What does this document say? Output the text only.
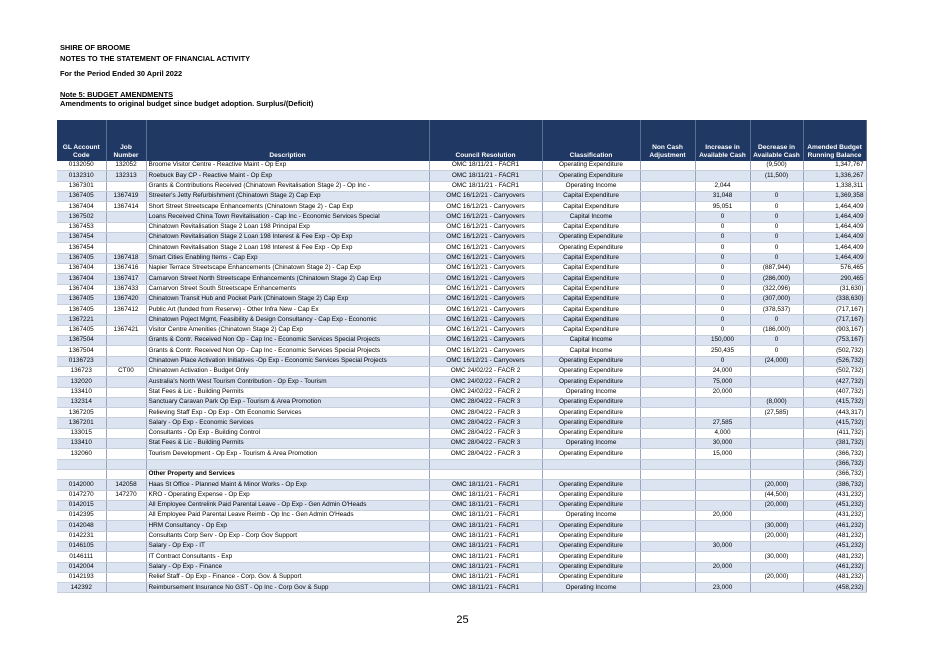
SHIRE OF BROOME
NOTES TO THE STATEMENT OF FINANCIAL ACTIVITY
For the Period Ended 30 April 2022
Note 5: BUDGET AMENDMENTS
Amendments to original budget since budget adoption. Surplus/(Deficit)
GL Account Code	Job Number	Description	Council Resolution	Classification	Non Cash Adjustment	Increase in Available Cash	Decrease in Available Cash	Amended Budget Running Balance
0132050	132052	Broome Visitor Centre - Reactive Maint - Op Exp	OMC 18/11/21 - FACR1	Operating Expenditure			(9,500)	1,347,767
0132310	132313	Roebuck Bay CP - Reactive Maint - Op Exp	OMC 18/11/21 - FACR1	Operating Expenditure			(11,500)	1,336,267
1367301		Grants & Contributions Received (Chinatown Revitalisation Stage 2) - Op Inc -	OMC 18/11/21 - FACR1	Operating Income		2,044		1,338,311
1367405	1367419	Streeter's Jetty Refurbishment (Chinatown Stage 2) Cap Exp	OMC 16/12/21 - Carryovers	Capital Expenditure		31,048	0	1,369,358
1367404	1367414	Short Street Streetscape Enhancements (Chinatown Stage 2) - Cap Exp	OMC 16/12/21 - Carryovers	Capital Expenditure		95,051	0	1,464,409
1367502		Loans Received China Town Revitalisation - Cap Inc - Economic Services Special	OMC 16/12/21 - Carryovers	Capital Income		0	0	1,464,409
1367453		Chinatown Revitalisation Stage 2 Loan 198 Principal Exp	OMC 16/12/21 - Carryovers	Capital Expenditure		0	0	1,464,409
1367454		Chinatown Revitalisation Stage 2 Loan 198 Interest & Fee Exp - Op Exp	OMC 16/12/21 - Carryovers	Operating Expenditure		0	0	1,464,409
1367454		Chinatown Revitalisation Stage 2 Loan 198 Interest & Fee Exp - Op Exp	OMC 16/12/21 - Carryovers	Operating Expenditure		0	0	1,464,409
1367405	1367418	Smart Cities Enabling Items - Cap Exp	OMC 16/12/21 - Carryovers	Capital Expenditure		0	0	1,464,409
1367404	1367416	Napier Terrace Streetscape Enhancements (Chinatown Stage 2) - Cap Exp	OMC 16/12/21 - Carryovers	Capital Expenditure		0	(887,944)	576,465
1367404	1367417	Carnarvon Street North Streetscape Enhancements (Chinatown Stage 2) Cap Exp	OMC 16/12/21 - Carryovers	Capital Expenditure		0	(286,000)	290,465
1367404	1367433	Carnarvon Street South Streetscape Enhancements	OMC 16/12/21 - Carryovers	Capital Expenditure		0	(322,096)	(31,630)
1367405	1367420	Chinatown Transit Hub and Pocket Park (Chinatown Stage 2) Cap Exp	OMC 16/12/21 - Carryovers	Capital Expenditure		0	(307,000)	(338,630)
1367405	1367412	Public Art (funded from Reserve) - Other Infra New - Cap Ex	OMC 16/12/21 - Carryovers	Capital Expenditure		0	(378,537)	(717,167)
1367221		Chinatown Poject Mgmt, Feasibility & Design Consultancy - Cap Exp - Economic	OMC 16/12/21 - Carryovers	Capital Expenditure		0	0	(717,167)
1367405	1367421	Visitor Centre Amenities (Chinatown Stage 2) Cap Exp	OMC 16/12/21 - Carryovers	Capital Expenditure		0	(186,000)	(903,167)
1367504		Grants & Contr. Received Non Op - Cap Inc - Economic Services Special Projects	OMC 16/12/21 - Carryovers	Capital Income		150,000	0	(753,167)
1367504		Grants & Contr. Received Non Op - Cap Inc - Economic Services Special Projects	OMC 16/12/21 - Carryovers	Capital Income		250,435	0	(502,732)
0136723		Chinatown Place Activation Initiatives -Op Exp - Economic Services Special Projects	OMC 16/12/21 - Carryovers	Operating Expenditure		0	(24,000)	(526,732)
136723	CT00	Chinatown Activation - Budget Only	OMC 24/02/22 - FACR 2	Operating Expenditure		24,000		(502,732)
132020		Australia's North West Tourism Contribution - Op Exp - Tourism	OMC 24/02/22 - FACR 2	Operating Expenditure		75,000		(427,732)
133410		Stat Fees & Lic - Building Permits	OMC 24/02/22 - FACR 2	Operating Income		20,000		(407,732)
132314		Sanctuary Caravan Park Op Exp - Tourism & Area Promotion	OMC 28/04/22 - FACR 3	Operating Expenditure			(8,000)	(415,732)
1367205		Relieving Staff Exp - Op Exp - Oth Economic Services	OMC 28/04/22 - FACR 3	Operating Expenditure			(27,585)	(443,317)
1367201		Salary - Op Exp - Economic Services	OMC 28/04/22 - FACR 3	Operating Expenditure		27,585		(415,732)
133015		Consultants - Op Exp - Building Control	OMC 28/04/22 - FACR 3	Operating Expenditure		4,000		(411,732)
133410		Stat Fees & Lic - Building Permits	OMC 28/04/22 - FACR 3	Operating Income		30,000		(381,732)
132060		Tourism Development - Op Exp - Tourism & Area Promotion	OMC 28/04/22 - FACR 3	Operating Expenditure		15,000		(366,732)
								(366,732)
		Other Property and Services						(366,732)
0142000	142058	Haas St Office - Planned Maint & Minor Works - Op Exp	OMC 18/11/21 - FACR1	Operating Expenditure			(20,000)	(386,732)
0147270	147270	KRO - Operating Expense - Op Exp	OMC 18/11/21 - FACR1	Operating Expenditure			(44,500)	(431,232)
0142015		All Employee Centrelink Paid Parental Leave - Op Exp - Gen Admin O'Heads	OMC 18/11/21 - FACR1	Operating Expenditure			(20,000)	(451,232)
0142395		All Employee Paid Parental Leave Reimb - Op Inc - Gen Admin O'Heads	OMC 18/11/21 - FACR1	Operating Income		20,000		(431,232)
0142048		HRM Consultancy - Op Exp	OMC 18/11/21 - FACR1	Operating Expenditure			(30,000)	(461,232)
0142231		Consultants Corp Serv - Op Exp - Corp Gov Support	OMC 18/11/21 - FACR1	Operating Expenditure			(20,000)	(481,232)
0146105		Salary - Op Exp - IT	OMC 18/11/21 - FACR1	Operating Expenditure		30,000		(451,232)
0146111		IT Contract Consultants - Exp	OMC 18/11/21 - FACR1	Operating Expenditure			(30,000)	(481,232)
0142004		Salary - Op Exp - Finance	OMC 18/11/21 - FACR1	Operating Expenditure		20,000		(461,232)
0142193		Relief Staff - Op Exp - Finance - Corp. Gov. & Support	OMC 18/11/21 - FACR1	Operating Expenditure			(20,000)	(481,232)
142392		Reimbursement Insurance No GST - Op Inc - Corp Gov & Supp	OMC 18/11/21 - FACR1	Operating Income		23,000		(458,232)
25
